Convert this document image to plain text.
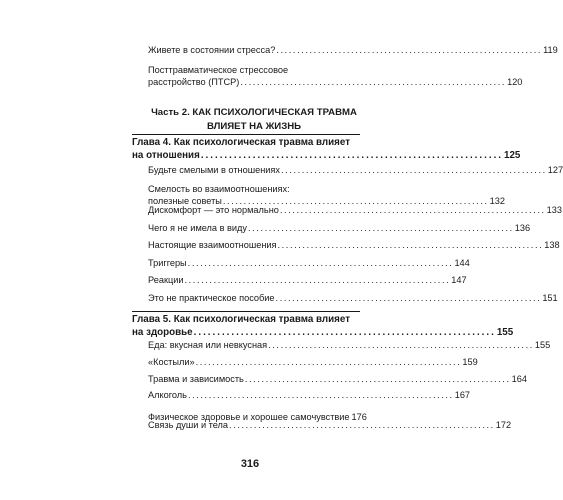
Живете в состоянии стресса? ................................................................ 119
Посттравматическое стрессовое
расстройство (ПТСР) ................................................................ 120
Часть 2. КАК ПСИХОЛОГИЧЕСКАЯ ТРАВМА
ВЛИЯЕТ НА ЖИЗНЬ
Глава 4. Как психологическая травма влияет
на отношения ................................................................ 125
Будьте смелыми в отношениях ................................................................ 127
Смелость во взаимоотношениях:
полезные советы ................................................................ 132
Дискомфорт — это нормально ................................................................ 133
Чего я не имела в виду ................................................................ 136
Настоящие взаимоотношения ................................................................ 138
Триггеры ................................................................ 144
Реакции ................................................................ 147
Это не практическое пособие ................................................................ 151
Глава 5. Как психологическая травма влияет
на здоровье ................................................................ 155
Еда: вкусная или невкусная ................................................................ 155
«Костыли» ................................................................ 159
Травма и зависимость ................................................................ 164
Алкоголь ................................................................ 167
Связь души и тела ................................................................ 172
316
Физическое здоровье и хорошее самочувствие 176
